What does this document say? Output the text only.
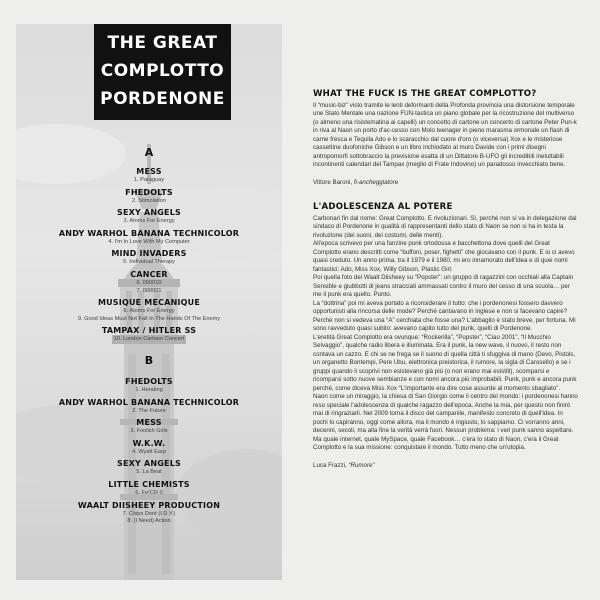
THE GREAT
COMPLOTTO
PORDENONE
A
MESS
1. Paraguay
FHEDOLTS
2. Stimolation
SEXY ANGELS
3. Atoms For Energy
ANDY WARHOL BANANA TECHNICOLOR
4. I'm In Love With My Computer
MIND INVADERS
5. Individual Therapy
CANCER
6. 000010
7. 000001
MUSIQUE MECANIQUE
8. Atoms For Energy
9. Good Ideas Must Not Fall In The Hands Of The Enemy
TAMPAX / HITLER SS
10. London Cartoon Concert
B
FHEDOLTS
1. Herating
ANDY WARHOL BANANA TECHNICOLOR
2. The Future
MESS
3. Foolish Girls
W.K.W.
4. Wyatt Earp
SEXY ANGELS
5. La Beat
LITTLE CHEMISTS
6. Fe²CR 0
WAALT DIISHEEY PRODUCTION
7. Chips Dorè (I.D.Y.)
8. (I Need) Action
WHAT THE FUCK IS THE GREAT COMPLOTTO?

Il “music-biz” visto tramite le lenti deformanti della Profonda provincia una distorsione temporale une Stato Mentale una nazione FUN-tastica un piano globale per la ricostruzione del multiverso (o almeno una risistematina ai capelli) un concetto di cartone un concerto di cartone Peter Pun-k in riva al Naon un porto d'ac-cesso con Molo teenager in pieno marasma ormonale un flash di carne fresca e Tequila Ado e lo scaracchio dal cuore d'oro (o viceversa) Xox e le misteriose cassettine duofoniche Gibson e un libro inchiodato al muro Davide con i primi disegni antropomorfi sottobraccio la previsione esatta di un Dittatore B-UFO gli incredibili ineluttabili incontinenti calendari del Tampax (meglio di Frate Indovino) un paradosso invecchiato bene.

Vittore Baroni, fi-ancheggiatore
L'ADOLESCENZA AL POTERE

Carbonari fin dal nome: Great Complotto. E rivoluzionari. Sì, perché non si va in delegazione dal sindaco di Pordenone in qualità di rappresentanti dello stato di Naon se non si ha in testa la rivoluzione (dei suoni, dei costumi, delle menti).

All'epoca scrivevo per una fanzine punk ortodossa e bacchettona dove quelli del Great Complotto erano descritti come “buffoni, poser, fighetti” che giocavano con il punk. E io ci avevo quasi creduto. Un anno prima, tra il 1979 e il 1980, mi ero innamorato dell'idea e di quei nomi fantastici: Ado, Miss Xox, Willy Gibson, Plastic Girl.

Poi quella foto dei Waalt Diisheey su “Popster”: un gruppo di ragazzini con occhiali alla Captain Sensible e giubbotti di jeans stracciati ammassati contro il muro del cesso di una scuola… per me il punk era quello. Punto.

La “dottrina” poi mi aveva portato a riconsiderare il tutto: che i pordenonesi fossero davvero opportunisti alla rincorsa delle mode? Perché cantavano in inglese e non si facevano capire? Perché non si vedeva una “A” cerchiata che fosse una? L'abbaglio è stato breve, per fortuna. Mi sono ravveduto quasi subito: avevano capito tutto del punk, quelli di Pordenone.

L'eretità Great Complotto era ovunque: “Rockerilla”, “Popster”, “Ciao 2001”, “Il Mucchio Selvaggio”, qualche radio libera e illuminata. Era il punk, la new wave, il nuovo, il resto non contava un cazzo. E chi se ne frega se il suono di quella città ti sfuggiva di mano (Devo, Pistols, un organetto Bontempi, Pere Ubu, elettronica preistorica, il rumore, la sigla di Carosello) e se i gruppi quando li scoprivi non esistevano già più (o non erano mai esistiti), scomparsi e ricomparsi sotto nuove sembianze e con nomi ancora più improbabili. Punk, punk e ancora punk perché, come diceva Miss Xox “L'importante era dire cose assurde al momento sbagliato”.

Naon come un miraggio, la chiesa di San Giorgio come il centro del mondo: i pordenonesi hanno reso speciale l'adolescenza di qualche ragazzo dell'epoca. Anche la mia, per questo non finirò mai di ringraziarli. Nel 2009 torna il disco del campanile, manifesto concreto di quell'idea. In pochi lo capiranno, oggi come allora, ma il mondo è ingiusto, lo sappiamo. Ci vorranno anni, decenni, secoli, ma alla fine la verità verrà fuori. Nessun problema: i veri punk sanno aspettare.

Ma quale internet, quale MySpace, quale Facebook… c'era lo stato di Naon, c'era il Great Complotto e la sua missione: conquistare il mondo. Tutto meno che un'utopia.

Luca Frazzi, “Rumore”
